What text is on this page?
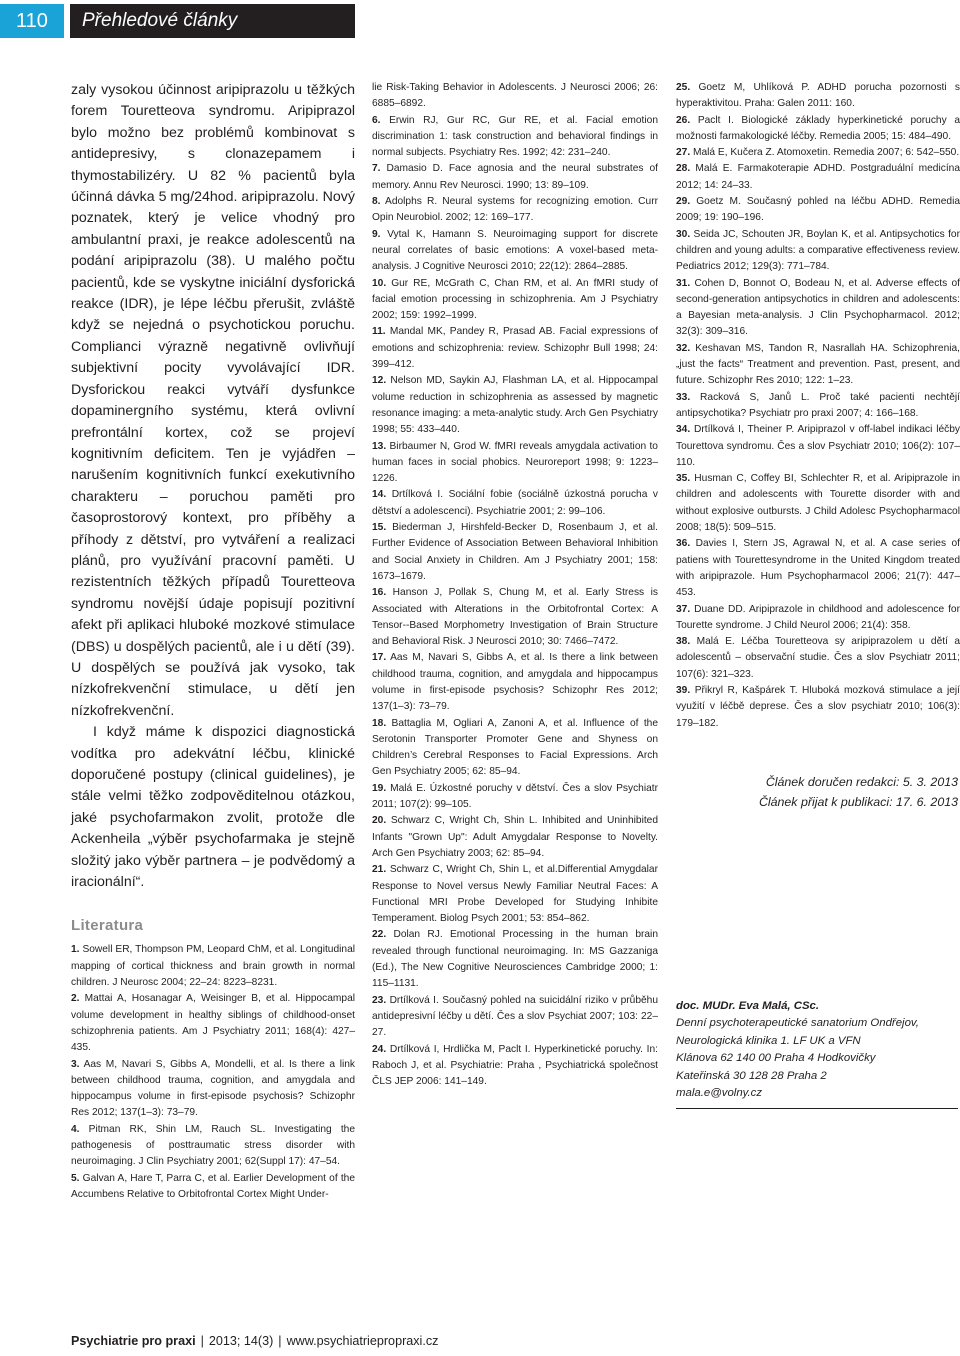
110	Přehledové články

zaly vysokou účinnost aripiprazolu u těžkých forem Touretteova syndromu. Aripiprazol bylo možno bez problémů kombinovat s antidepresivy, s clonazepamem i thymostabilizéry. U 82 % pacientů byla účinná dávka 5 mg/24hod. aripiprazolu. Nový poznatek, který je velice vhodný pro ambulantní praxi, je reakce adolescentů na podání aripiprazolu (38). U malého počtu pacientů, kde se vyskytne iniciální dysforická reakce (IDR), je lépe léčbu přerušit, zvláště když se nejedná o psychotickou poruchu. Complianci výrazně negativně ovlivňují subjektivní pocity vyvolávající IDR. Dysforickou reakci vytváří dysfunkce dopaminergního systému, která ovlivní prefrontální kortex, což se projeví kognitivním deficitem. Ten je vyjádřen – narušením kognitivních funkcí exekutivního charakteru – poruchou paměti pro časoprostorový kontext, pro příběhy a příhody z dětství, pro vytváření a realizaci plánů, pro využívání pracovní paměti. U rezistentních těžkých případů Touretteova syndromu novější údaje popisují pozitivní afekt při aplikaci hluboké mozkové stimulace (DBS) u dospělých pacientů, ale i u dětí (39). U dospělých se používá jak vysoko, tak nízkofrekvenční stimulace, u dětí jen nízkofrekvenční.

I když máme k dispozici diagnostická vodítka pro adekvátní léčbu, klinické doporučené postupy (clinical guidelines), je stále velmi těžko zodpověditelnou otázkou, jaké psychofarmakon zvolit, protože dle Ackenheila „výběr psychofarmaka je stejně složitý jako výběr partnera – je podvědomý a iracionální“.

Literatura

1. Sowell ER, Thompson PM, Leopard ChM, et al. Longitudinal mapping of cortical thickness and brain growth in normal children. J Neurosc 2004; 22–24: 8223–8231.

2. Mattai A, Hosanagar A, Weisinger B, et al. Hippocampal volume development in healthy siblings of childhood-onset schizophrenia patients. Am J Psychiatry 2011; 168(4): 427–435.

3. Aas M, Navari S, Gibbs A, Mondelli, et al. Is there a link between childhood trauma, cognition, and amygdala and hippocampus volume in first-episode psychosis? Schizophr Res 2012; 137(1–3): 73–79.

4. Pitman RK, Shin LM, Rauch SL. Investigating the pathogenesis of posttraumatic stress disorder with neuroimaging. J Clin Psychiatry 2001; 62(Suppl 17): 47–54.

5. Galvan A, Hare T, Parra C, et al. Earlier Development of the Accumbens Relative to Orbitofrontal Cortex Might Under-

lie Risk-Taking Behavior in Adolescents. J Neurosci 2006; 26: 6885–6892.

6. Erwin RJ, Gur RC, Gur RE, et al. Facial emotion discrimination 1: task construction and behavioral findings in normal subjects. Psychiatry Res. 1992; 42: 231–240.

7. Damasio D. Face agnosia and the neural substrates of memory. Annu Rev Neurosci. 1990; 13: 89–109.

8. Adolphs R. Neural systems for recognizing emotion. Curr Opin Neurobiol. 2002; 12: 169–177.

9. Vytal K, Hamann S. Neuroimaging support for discrete neural correlates of basic emotions: A voxel-based meta-analysis. J Cognitive Neurosci 2010; 22(12): 2864–2885.

10. Gur RE, McGrath C, Chan RM, et al. An fMRI study of facial emotion processing in schizophrenia. Am J Psychiatry 2002; 159: 1992–1999.

11. Mandal MK, Pandey R, Prasad AB. Facial expressions of emotions and schizophrenia: review. Schizophr Bull 1998; 24: 399–412.

12. Nelson MD, Saykin AJ, Flashman LA, et al. Hippocampal volume reduction in schizophrenia as assessed by magnetic resonance imaging: a meta-analytic study. Arch Gen Psychiatry 1998; 55: 433–440.

13. Birbaumer N, Grod W. fMRI reveals amygdala activation to human faces in social phobics. Neuroreport 1998; 9: 1223–1226.

14. Drtílková I. Sociální fobie (sociálně úzkostná porucha v dětství a adolescenci). Psychiatrie 2001; 2: 99–106.

15. Biederman J, Hirshfeld-Becker D, Rosenbaum J, et al. Further Evidence of Association Between Behavioral Inhibition and Social Anxiety in Children. Am J Psychiatry 2001; 158: 1673–1679.

16. Hanson J, Pollak S, Chung M, et al. Early Stress is Associated with Alterations in the Orbitofrontal Cortex: A Tensor--Based Morphometry Investigation of Brain Structure and Behavioral Risk. J Neurosci 2010; 30: 7466–7472.

17. Aas M, Navari S, Gibbs A, et al. Is there a link between childhood trauma, cognition, and amygdala and hippocampus volume in first-episode psychosis? Schizophr Res 2012; 137(1–3): 73–79.

18. Battaglia M, Ogliari A, Zanoni A, et al. Influence of the Serotonin Transporter Promoter Gene and Shyness on Children’s Cerebral Responses to Facial Expressions. Arch Gen Psychiatry 2005; 62: 85–94.

19. Malá E. Úzkostné poruchy v dětství. Čes a slov Psychiatr 2011; 107(2): 99–105.

20. Schwarz C, Wright Ch, Shin L. Inhibited and Uninhibited Infants "Grown Up": Adult Amygdalar Response to Novelty. Arch Gen Psychiatry 2003; 62: 85–94.

21. Schwarz C, Wright Ch, Shin L, et al.Differential Amygdalar Response to Novel versus Newly Familiar Neutral Faces: A Functional MRI Probe Developed for Studying Inhibite Temperament. Biolog Psych 2001; 53: 854–862.

22. Dolan RJ. Emotional Processing in the human brain revealed through functional neuroimaging. In: MS Gazzaniga (Ed.), The New Cognitive Neurosciences Cambridge 2000; 1: 115–1131.

23. Drtílková I. Současný pohled na suicidální riziko v průběhu antidepresivní léčby u dětí. Čes a slov Psychiat 2007; 103: 22–27.

24. Drtílková I, Hrdlička M, Paclt I. Hyperkinetické poruchy. In: Raboch J, et al. Psychiatrie: Praha , Psychiatrická společnost ČLS JEP 2006: 141–149.

25. Goetz M, Uhlíková P. ADHD porucha pozornosti s hyperaktivitou. Praha: Galen 2011: 160.

26. Paclt I. Biologické základy hyperkinetické poruchy a možnosti farmakologické léčby. Remedia 2005; 15: 484–490.

27. Malá E, Kučera Z. Atomoxetin. Remedia 2007; 6: 542–550.

28. Malá E. Farmakoterapie ADHD. Postgraduální medicína 2012; 14: 24–33.

29. Goetz M. Současný pohled na léčbu ADHD. Remedia 2009; 19: 190–196.

30. Seida JC, Schouten JR, Boylan K, et al. Antipsychotics for children and young adults: a comparative effectiveness review. Pediatrics 2012; 129(3): 771–784.

31. Cohen D, Bonnot O, Bodeau N, et al. Adverse effects of second-generation antipsychotics in children and adolescents: a Bayesian meta-analysis. J Clin Psychopharmacol. 2012; 32(3): 309–316.

32. Keshavan MS, Tandon R, Nasrallah HA. Schizophrenia, „just the facts“ Treatment and prevention. Past, present, and future. Schizophr Res 2010; 122: 1–23.

33. Racková S, Janů L. Proč také pacienti nechtějí antipsychotika? Psychiatr pro praxi 2007; 4: 166–168.

34. Drtílková I, Theiner P. Aripiprazol v off-label indikaci léčby Tourettova syndromu. Čes a slov Psychiatr 2010; 106(2): 107–110.

35. Husman C, Coffey BI, Schlechter R, et al. Aripiprazole in children and adolescents with Tourette disorder with and without explosive outbursts. J Child Adolesc Psychopharmacol 2008; 18(5): 509–515.

36. Davies I, Stern JS, Agrawal N, et al. A case series of patiens with Tourettesyndrome in the United Kingdom treated with aripiprazole. Hum Psychopharmacol 2006; 21(7): 447–453.

37. Duane DD. Aripiprazole in childhood and adolescence for Tourette syndrome. J Child Neurol 2006; 21(4): 358.

38. Malá E. Léčba Touretteova sy aripiprazolem u dětí a adolescentů – observační studie. Čes a slov Psychiatr 2011; 107(6): 321–323.

39. Přikryl R, Kašpárek T. Hluboká mozková stimulace a její využití v léčbě deprese. Čes a slov psychiatr 2010; 106(3): 179–182.

Článek doručen redakci: 5. 3. 2013
Článek přijat k publikaci: 17. 6. 2013
doc. MUDr. Eva Malá, CSc.
Denní psychoterapeutické sanatorium Ondřejov,
Neurologická klinika 1. LF UK a VFN
Klánova 62 140 00 Praha 4 Hodkovičky
Kateřinská 30 128 28 Praha 2
mala.e@volny.cz
Psychiatrie pro praxi | 2013; 14(3) | www.psychiatriepropraxi.cz
